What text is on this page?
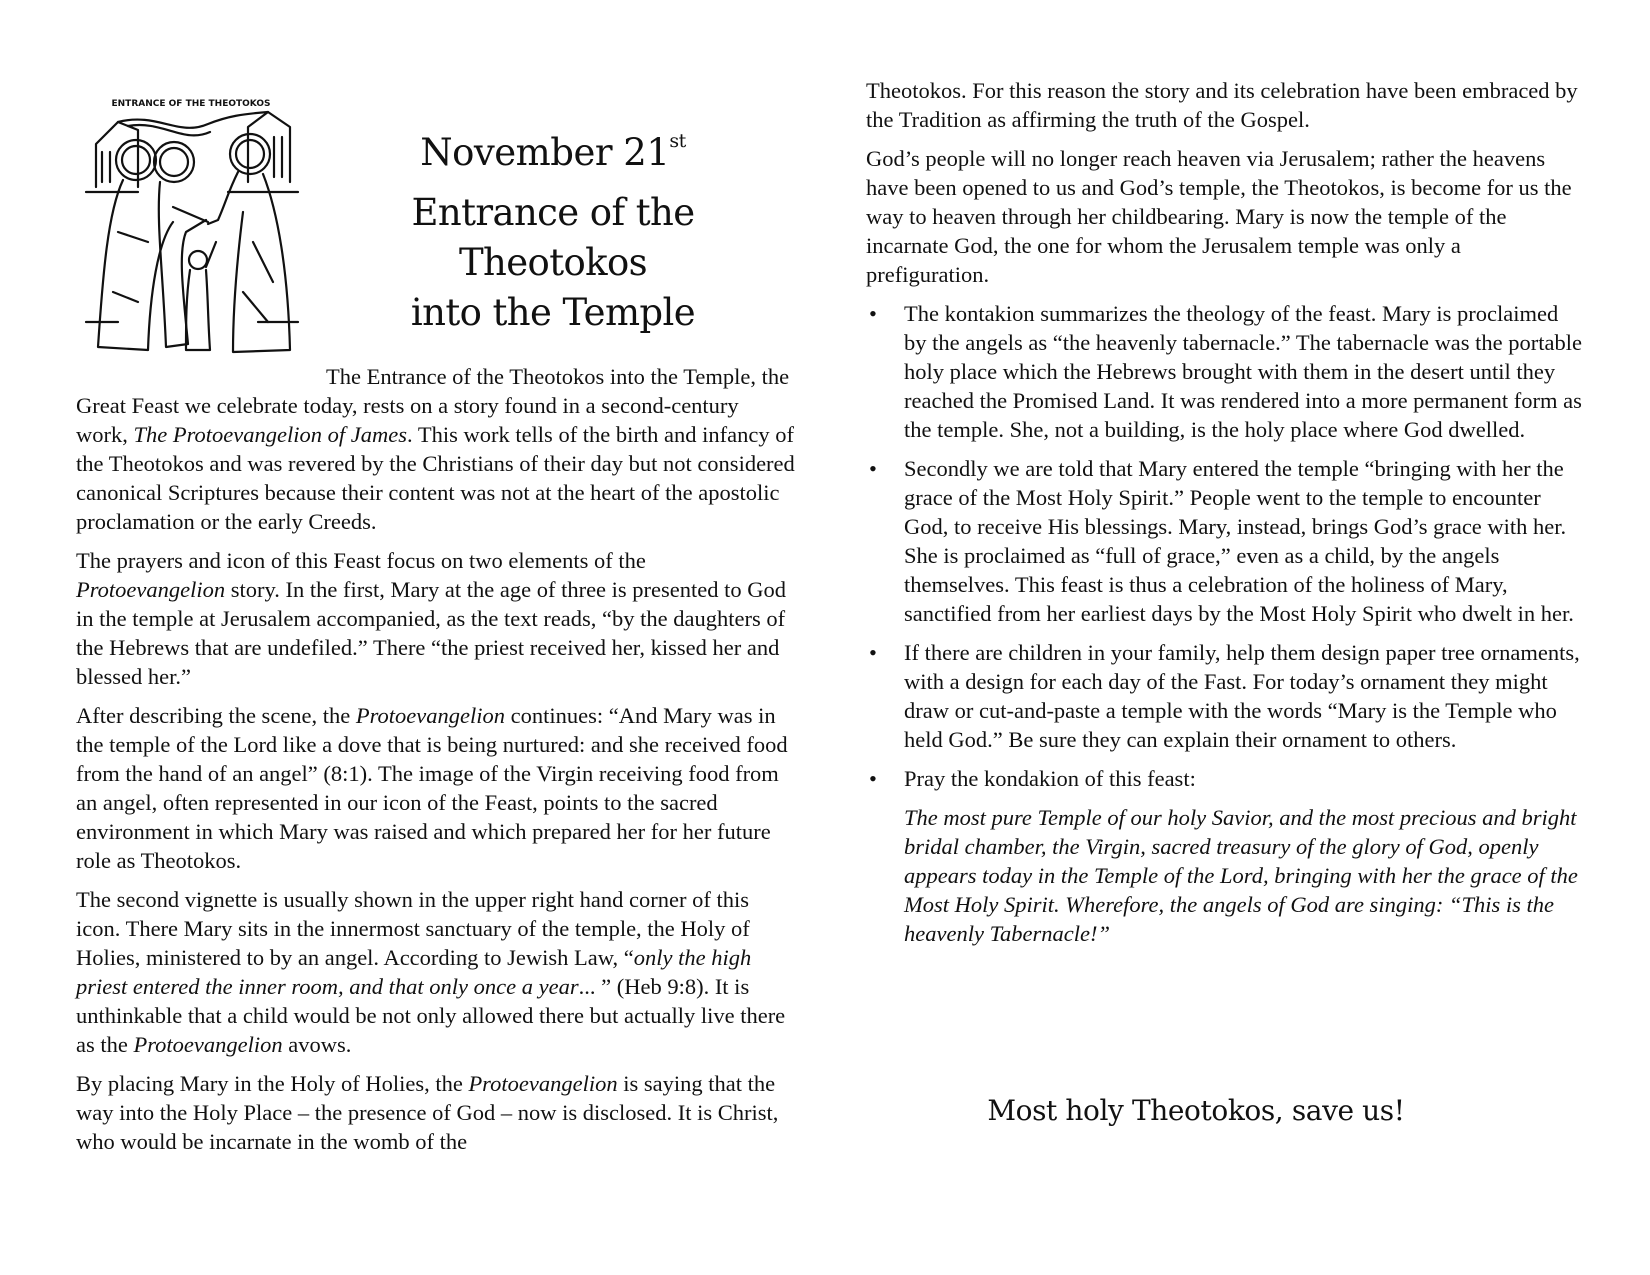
ENTRANCE OF THE THEOTOKOS
November 21st
Entrance of the Theotokos
into the Temple

The Entrance of the Theotokos into the Temple, the Great Feast we celebrate today, rests on a story found in a second-century work, The Protoevangelion of James. This work tells of the birth and infancy of the Theotokos and was revered by the Christians of their day but not considered canonical Scriptures because their content was not at the heart of the apostolic proclamation or the early Creeds.

The prayers and icon of this Feast focus on two elements of the Protoevangelion story. In the first, Mary at the age of three is presented to God in the temple at Jerusalem accompanied, as the text reads, “by the daughters of the Hebrews that are undefiled.” There “the priest received her, kissed her and blessed her.”

After describing the scene, the Protoevangelion continues: “And Mary was in the temple of the Lord like a dove that is being nurtured: and she received food from the hand of an angel” (8:1). The image of the Virgin receiving food from an angel, often represented in our icon of the Feast, points to the sacred environment in which Mary was raised and which prepared her for her future role as Theotokos.

The second vignette is usually shown in the upper right hand corner of this icon. There Mary sits in the innermost sanctuary of the temple, the Holy of Holies, ministered to by an angel. According to Jewish Law, “only the high priest entered the inner room, and that only once a year... ” (Heb 9:8). It is unthinkable that a child would be not only allowed there but actually live there as the Protoevangelion avows.

By placing Mary in the Holy of Holies, the Protoevangelion is saying that the way into the Holy Place – the presence of God – now is disclosed. It is Christ, who would be incarnate in the womb of the

Theotokos. For this reason the story and its celebration have been embraced by the Tradition as affirming the truth of the Gospel.

God’s people will no longer reach heaven via Jerusalem; rather the heavens have been opened to us and God’s temple, the Theotokos, is become for us the way to heaven through her childbearing. Mary is now the temple of the incarnate God, the one for whom the Jerusalem temple was only a prefiguration.

• The kontakion summarizes the theology of the feast. Mary is proclaimed by the angels as “the heavenly tabernacle.” The tabernacle was the portable holy place which the Hebrews brought with them in the desert until they reached the Promised Land. It was rendered into a more permanent form as the temple. She, not a building, is the holy place where God dwelled.
• Secondly we are told that Mary entered the temple “bringing with her the grace of the Most Holy Spirit.” People went to the temple to encounter God, to receive His blessings. Mary, instead, brings God’s grace with her. She is proclaimed as “full of grace,” even as a child, by the angels themselves. This feast is thus a celebration of the holiness of Mary, sanctified from her earliest days by the Most Holy Spirit who dwelt in her.
• If there are children in your family, help them design paper tree ornaments, with a design for each day of the Fast. For today’s ornament they might draw or cut-and-paste a temple with the words “Mary is the Temple who held God.” Be sure they can explain their ornament to others.
• Pray the kondakion of this feast:

The most pure Temple of our holy Savior, and the most precious and bright bridal chamber, the Virgin, sacred treasury of the glory of God, openly appears today in the Temple of the Lord, bringing with her the grace of the Most Holy Spirit. Wherefore, the angels of God are singing: “This is the heavenly Tabernacle!”

Most holy Theotokos, save us!
